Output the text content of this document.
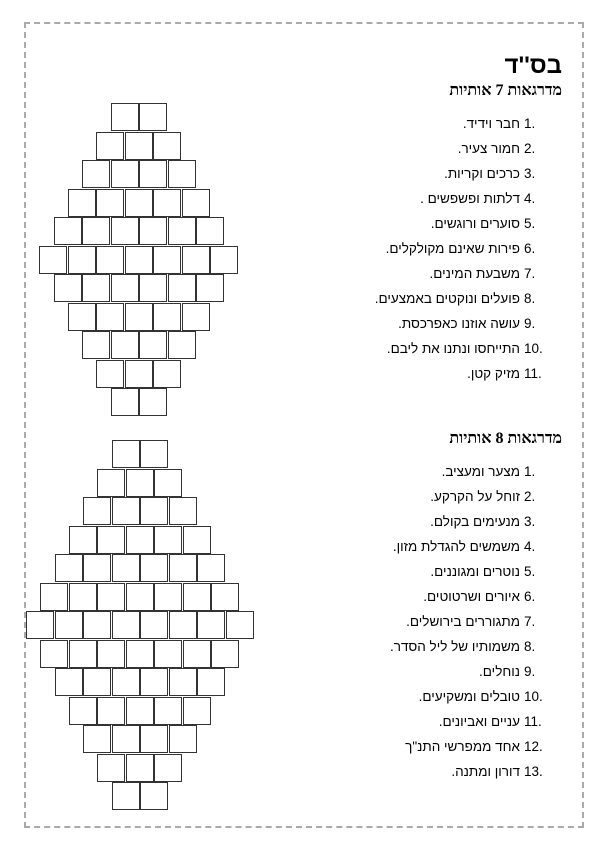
בס''ד
מדרגאות 7 אותיות
1.חבר וידיד.
2.חמור צעיר.
3.כרכים וקריות.
4.דלתות ופשפשים .
5.סוערים ורוגשים.
6.פירות שאינם מקולקלים.
7.משבעת המינים.
8.פועלים ונוקטים באמצעים.
9.עושה אוזנו כאפרכסת.
10.התייחסו ונתנו את ליבם.
11.מזיק קטן.
מדרגאות 8 אותיות
1.מצער ומעציב.
2.זוחל על הקרקע.
3.מנעימים בקולם.
4.משמשים להגדלת מזון.
5.נוטרים ומגוננים.
6.איורים ושרטוטים.
7.מתגוררים בירושלים.
8.משמותיו של ליל הסדר.
9.נוחלים.
10.טובלים ומשקיעים.
11.עניים ואביונים.
12.אחד ממפרשי התנ"ך
13.דורון ומתנה.
